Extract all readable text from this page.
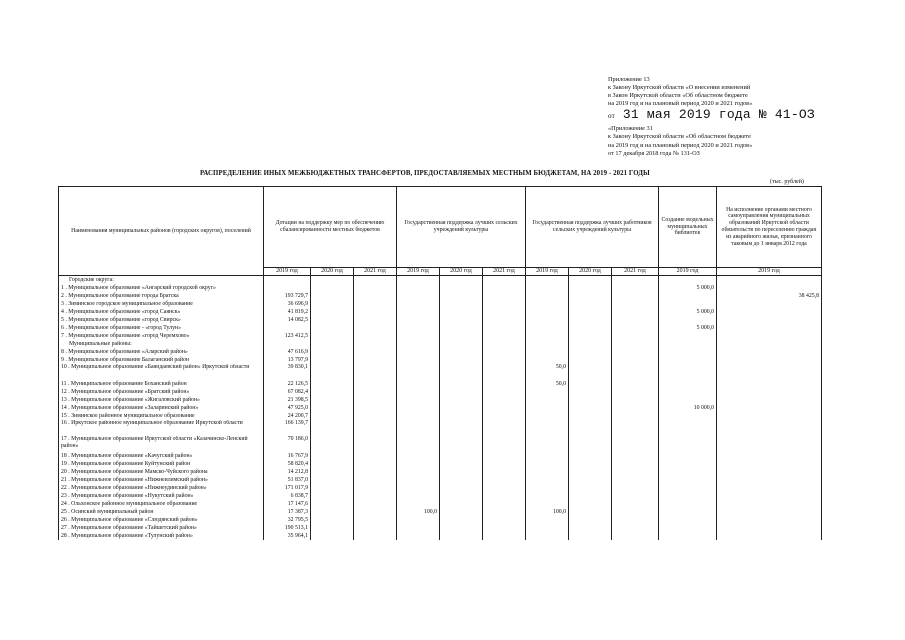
Приложение 13
к Закону Иркутской области «О внесении изменений
в Закон Иркутской области «Об областном бюджете
на 2019 год и на плановый период 2020 и 2021 годов»
от 31 мая 2019 года № 41-ОЗ
«Приложение 31
к Закону Иркутской области «Об областном бюджете
на 2019 год и на плановый период 2020 и 2021 годов»
от 17 декабря 2018 года № 131-ОЗ
РАСПРЕДЕЛЕНИЕ ИНЫХ МЕЖБЮДЖЕТНЫХ ТРАНСФЕРТОВ, ПРЕДОСТАВЛЯЕМЫХ МЕСТНЫМ БЮДЖЕТАМ, НА 2019 - 2021 ГОДЫ
(тыс. рублей)
Наименования муниципальных районов (городских округов), поселений	Дотации на поддержку мер по обеспечению сбалансированности местных бюджетов			Государственная поддержка лучших сельских учреждений культуры			Государственная поддержка лучших работников сельских учреждений культуры			Создание модельных муниципальных библиотек	На исполнение органами местного самоуправления муниципальных образований Иркутской области обязательств по переселению граждан из аварийного жилья, признанного таковым до 1 января 2012 года
	2019 год	2020 год	2021 год	2019 год	2020 год	2021 год	2019 год	2020 год	2021 год	2019 год	2019 год
Городские округа:											
1 . Муниципальное образование «Ангарский городской округ»										5 000,0	
2 . Муниципальное образование города Братска	193 729,7										38 425,8
3 . Зиминское городское муниципальное образование	36 696,9										
4 . Муниципальное образование «город Саянск»	41 819,2									5 000,0	
5 . Муниципальное образование «город Свирск»	14 082,5										
6 . Муниципальное образование - «город Тулун»										5 000,0	
7 . Муниципальное образование «город Черемхово»	123 412,5										
Муниципальные районы:											
8 . Муниципальное образование «Аларский район»	47 616,9										
9 . Муниципальное образование Балаганский район	13 797,9										
10 . Муниципальное образование «Баяндаевский район» Иркутской области	39 830,1						50,0				
11 . Муниципальное образование Боханский район	22 126,5						50,0				
12 . Муниципальное образование «Братский район»	67 082,4										
13 . Муниципальное образование «Жигаловский район»	21 398,5										
14 . Муниципальное образование «Заларинский район»	47 925,0									10 000,0	
15 . Зиминское районное муниципальное образование	24 200,7										
16 . Иркутское районное муниципальное образование Иркутской области	166 139,7										
17 . Муниципальное образование Иркутской области «Казачинско-Ленский район»	70 186,0										
18 . Муниципальное образование «Качугский район»	16 767,9										
19 . Муниципальное образование Куйтунский район	58 820,4										
20 . Муниципальное образование Мамско-Чуйского района	14 212,8										
21 . Муниципальное образование «Нижнеилимский район»	51 837,0										
22 . Муниципальное образование «Нижнеудинский район»	171 017,9										
23 . Муниципальное образование «Нукутский район»	6 838,7										
24 . Ольхонское районное муниципальное образование	17 147,6										
25 . Осинский муниципальный район	17 387,3			100,0			100,0				
26 . Муниципальное образование «Слюдянский район»	32 795,5										
27 . Муниципальное образование «Тайшетский район»	190 513,1										
28 . Муниципальное образование «Тулунский район»	35 964,1										
